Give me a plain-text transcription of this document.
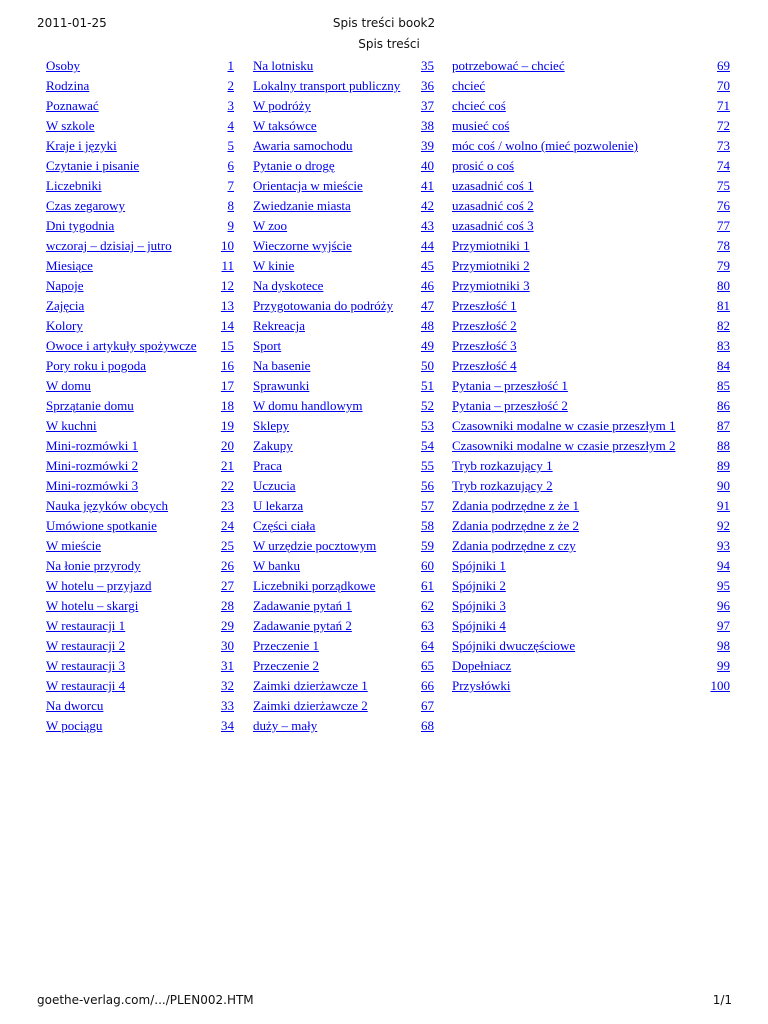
2011-01-25	Spis treści book2
Spis treści
Osoby	1
Rodzina	2
Poznawać	3
W szkole	4
Kraje i języki	5
Czytanie i pisanie	6
Liczebniki	7
Czas zegarowy	8
Dni tygodnia	9
wczoraj – dzisiaj – jutro	10
Miesiące	11
Napoje	12
Zajęcia	13
Kolory	14
Owoce i artykuły spożywcze 15
Pory roku i pogoda	16
W domu	17
Sprzątanie domu	18
W kuchni	19
Mini-rozmówki 1	20
Mini-rozmówki 2	21
Mini-rozmówki 3	22
Nauka języków obcych	23
Umówione spotkanie	24
W mieście	25
Na łonie przyrody	26
W hotelu – przyjazd	27
W hotelu – skargi	28
W restauracji 1	29
W restauracji 2	30
W restauracji 3	31
W restauracji 4	32
Na dworcu	33
W pociągu	34
Na lotnisku	35
Lokalny transport publiczny 36
W podróży	37
W taksówce	38
Awaria samochodu	39
Pytanie o drogę	40
Orientacja w mieście	41
Zwiedzanie miasta	42
W zoo	43
Wieczorne wyjście	44
W kinie	45
Na dyskotece	46
Przygotowania do podróży 47
Rekreacja	48
Sport	49
Na basenie	50
Sprawunki	51
W domu handlowym	52
Sklepy	53
Zakupy	54
Praca	55
Uczucia	56
U lekarza	57
Części ciała	58
W urzędzie pocztowym	59
W banku	60
Liczebniki porządkowe	61
Zadawanie pytań 1	62
Zadawanie pytań 2	63
Przeczenie 1	64
Przeczenie 2	65
Zaimki dzierżawcze 1	66
Zaimki dzierżawcze 2	67
duży – mały	68
potrzebować – chcieć	69
chcieć	70
chcieć coś	71
musieć coś	72
móc coś / wolno (mieć pozwolenie)	73
prosić o coś	74
uzasadnić coś 1	75
uzasadnić coś 2	76
uzasadnić coś 3	77
Przymiotniki 1	78
Przymiotniki 2	79
Przymiotniki 3	80
Przeszłość 1	81
Przeszłość 2	82
Przeszłość 3	83
Przeszłość 4	84
Pytania – przeszłość 1	85
Pytania – przeszłość 2	86
Czasowniki modalne w czasie przeszłym 1	87
Czasowniki modalne w czasie przeszłym 2	88
Tryb rozkazujący 1	89
Tryb rozkazujący 2	90
Zdania podrzędne z że 1	91
Zdania podrzędne z że 2	92
Zdania podrzędne z czy	93
Spójniki 1	94
Spójniki 2	95
Spójniki 3	96
Spójniki 4	97
Spójniki dwuczęściowe	98
Dopełniacz	99
Przysłówki	100
goethe-verlag.com/.../PLEN002.HTM	1/1
